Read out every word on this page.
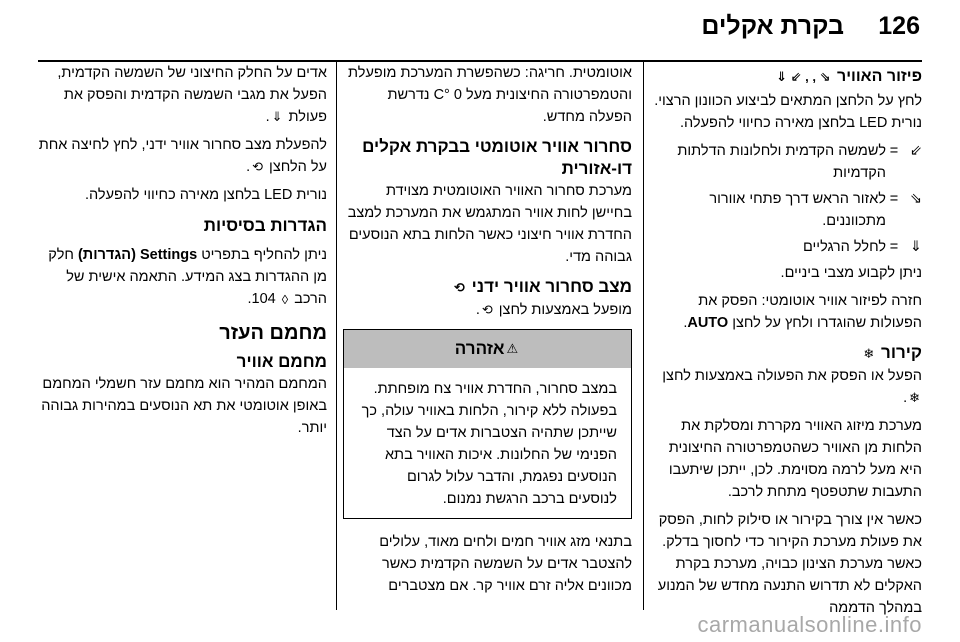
126
בקרת אקלים
פיזור האוויר ⇘ , , ⇙ ⇓

לחץ על הלחצן המתאים לביצוע הכוונון הרצוי. נורית LED בלחצן מאירה כחיווי להפעלה.

⇙
=
לשמשה הקדמית ולחלונות הדלתות הקדמיות
⇘
=
לאזור הראש דרך פתחי אוורור מתכווננים.
⇓
=
לחלל הרגליים

ניתן לקבוע מצבי ביניים.

חזרה לפיזור אוויר אוטומטי: הפסק את הפעולות שהוגדרו ולחץ על לחצן AUTO.

קירור ❄

הפעל או הפסק את הפעולה באמצעות לחצן ❄.

מערכת מיזוג האוויר מקררת ומסלקת את הלחות מן האוויר כשהטמפרטורה החיצונית היא מעל לרמה מסוימת. לכן, ייתכן שיתעבו התעבות שתטפטף מתחת לרכב.

כאשר אין צורך בקירור או סילוק לחות, הפסק את פעולת מערכת הקירור כדי לחסוך בדלק. כאשר מערכת הצינון כבויה, מערכת בקרת האקלים לא תדרוש התנעה מחדש של המנוע במהלך הדממה

אוטומטית. חריגה: כשהפשרת המערכת מופעלת והטמפרטורה החיצונית מעל 0 °C נדרשת הפעלה מחדש.

סחרור אוויר אוטומטי בבקרת אקלים דו-אזורית

מערכת סחרור האוויר האוטומטית מצוידת בחיישן לחות אוויר המתגמש את המערכת למצב החדרת אוויר חיצוני כאשר הלחות בתא הנוסעים גבוהה מדי.

מצב סחרור אוויר ידני ⟲

מופעל באמצעות לחצן ⟲.

⚠אזהרה
במצב סחרור, החדרת אוויר צח מופחתת. בפעולה ללא קירור, הלחות באוויר עולה, כך שייתכן שתהיה הצטברות אדים על הצד הפנימי של החלונות. איכות האוויר בתא הנוסעים נפגמת, והדבר עלול לגרום לנוסעים ברכב הרגשת נמנום.

בתנאי מזג אוויר חמים ולחים מאוד, עלולים להצטבר אדים על השמשה הקדמית כאשר מכוונים אליה זרם אוויר קר. אם מצטברים

אדים על החלק החיצוני של השמשה הקדמית, הפעל את מגבי השמשה הקדמית והפסק את פעולת ⇓.

להפעלת מצב סחרור אוויר ידני, לחץ לחיצה אחת על הלחצן ⟲.

נורית LED בלחצן מאירה כחיווי להפעלה.

הגדרות בסיסיות

ניתן להחליף בתפריט Settings (הגדרות) חלק מן ההגדרות בצג המידע. התאמה אישית של הרכב ◊ 104.

מחמם העזר
מחמם אוויר

המחמם המהיר הוא מחמם עזר חשמלי המחמם באופן אוטומטי את תא הנוסעים במהירות גבוהה יותר.

carmanualsonline.info
